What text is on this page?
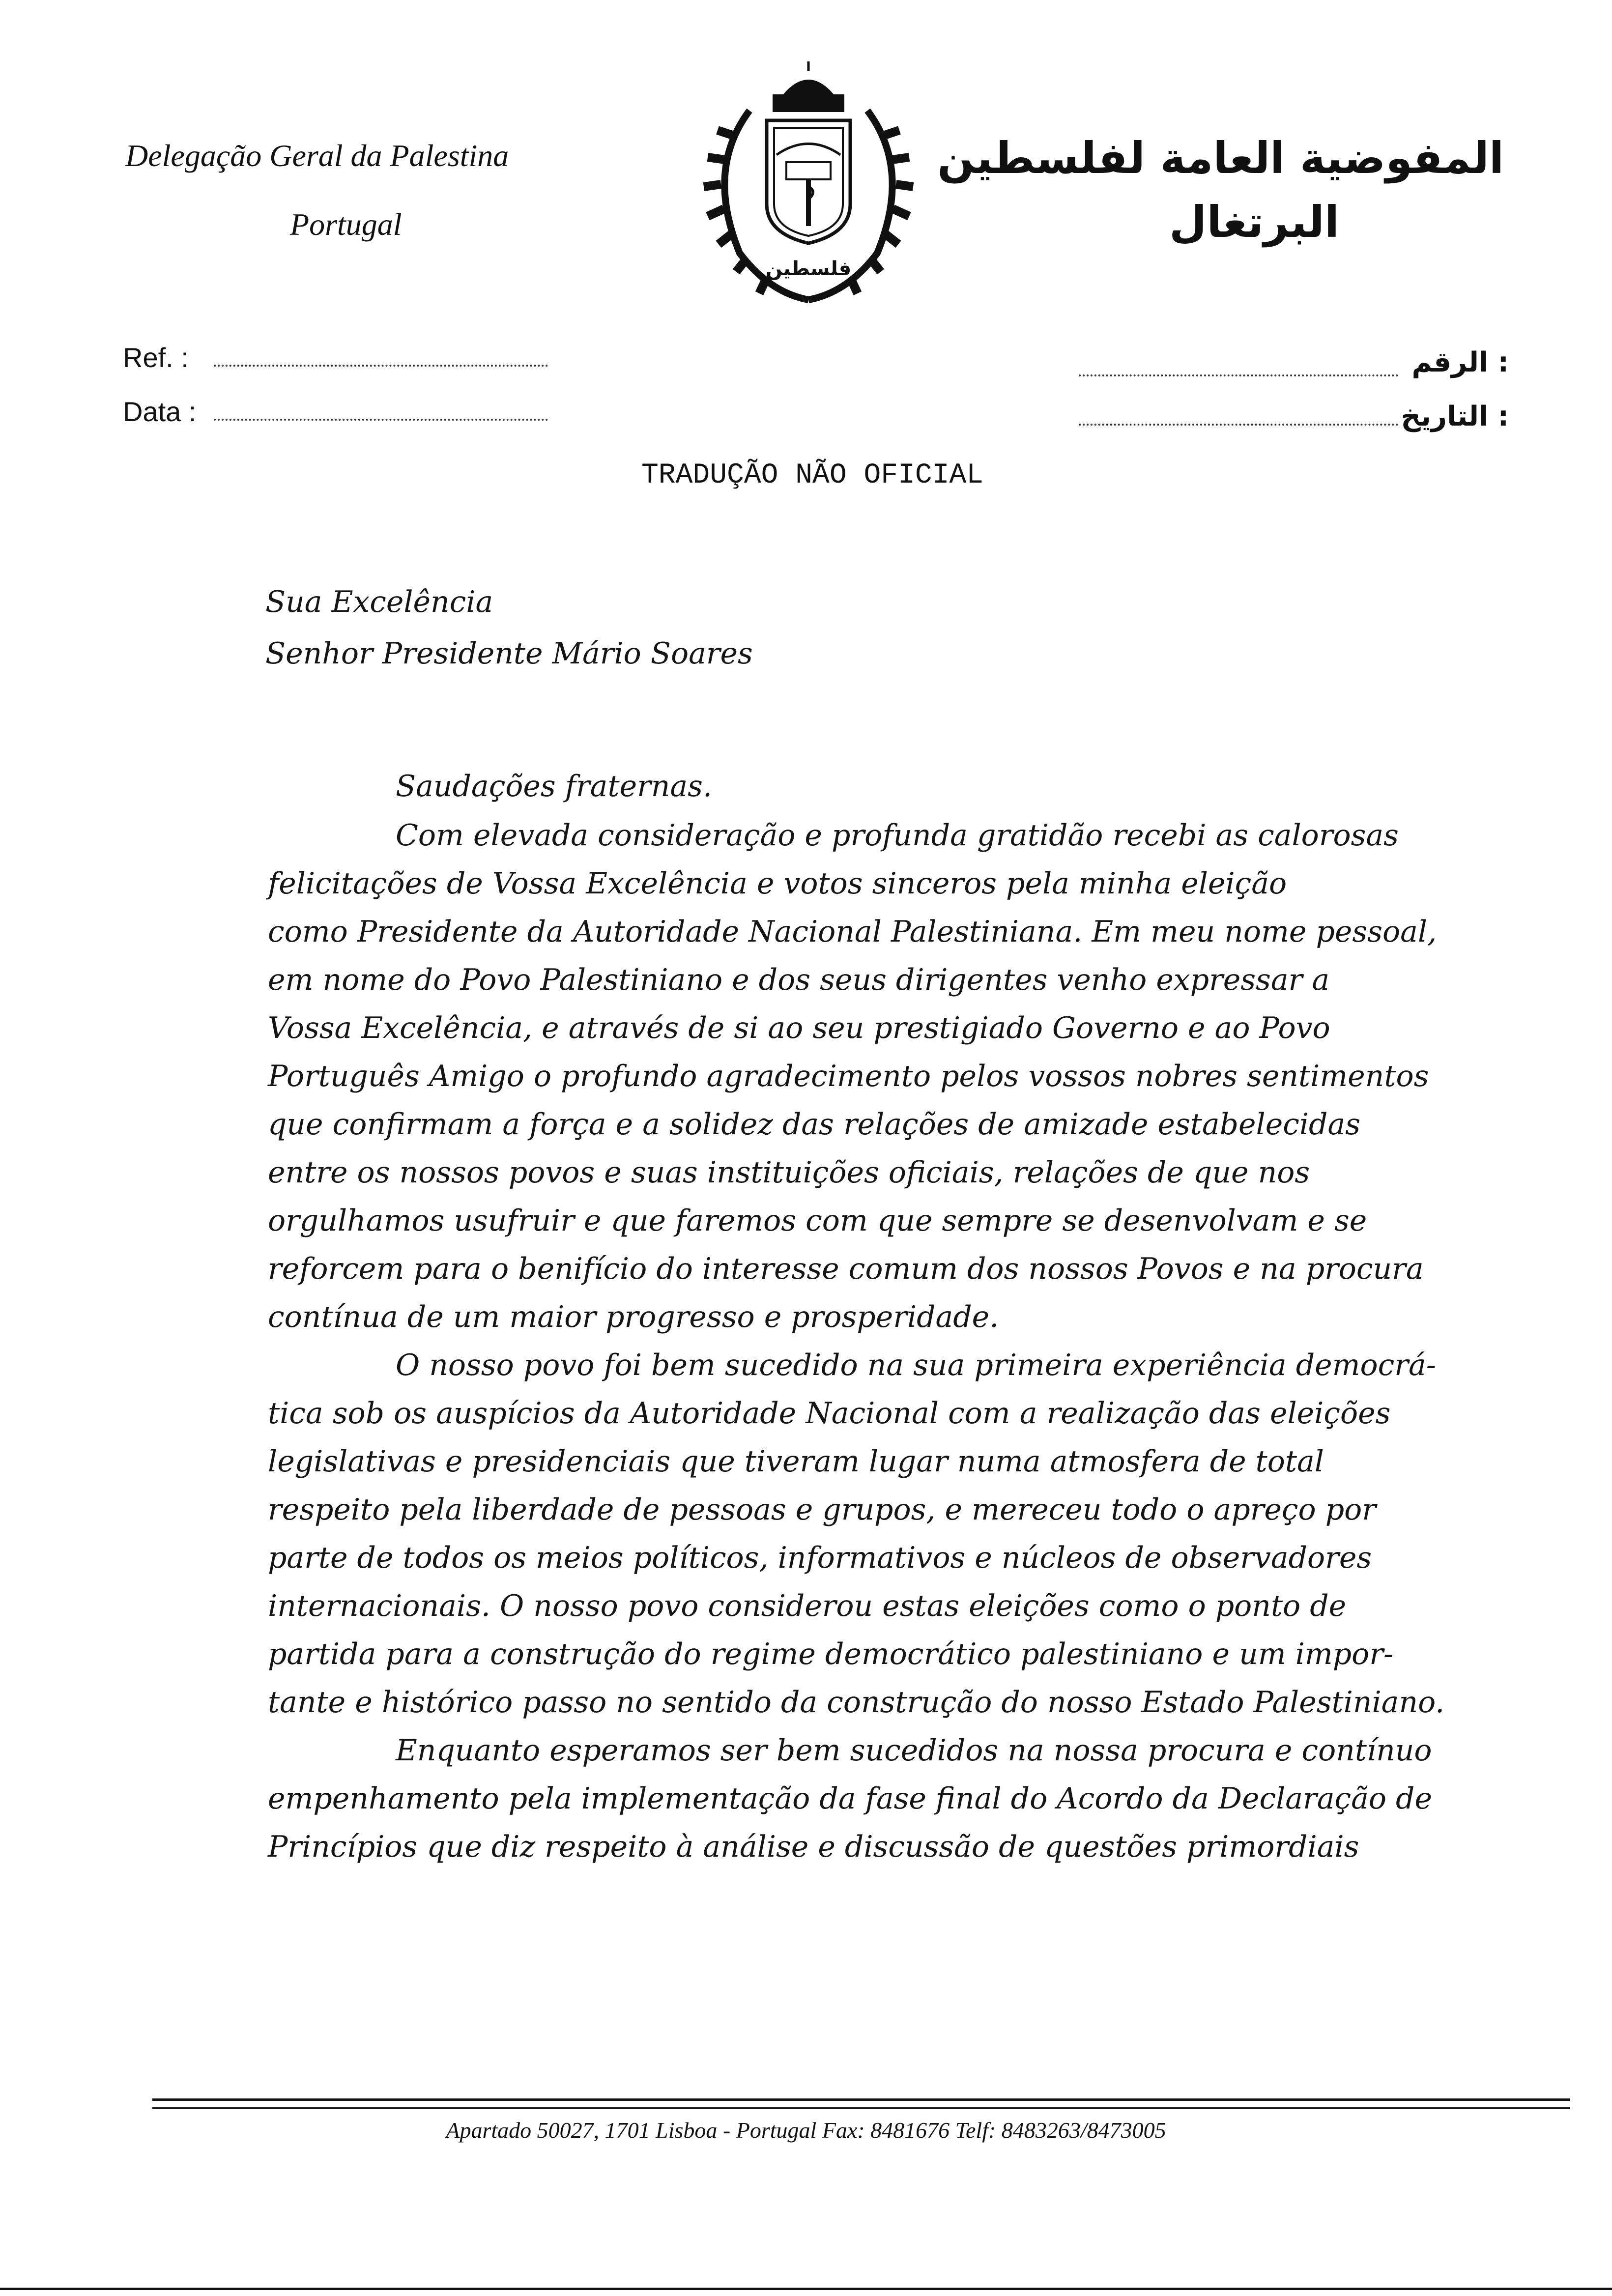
Delegação Geral da Palestina
Portugal
فلسطين
المفوضية العامة لفلسطين
البرتغال
Ref. :
Data :
: الرقم
: التاريخ
TRADUÇÃO NÃO OFICIAL
Sua Excelência
Senhor Presidente Mário Soares
Saudações fraternas.
Com elevada consideração e profunda gratidão recebi as calorosas
felicitações de Vossa Excelência e votos sinceros pela minha eleição
como Presidente da Autoridade Nacional Palestiniana. Em meu nome pessoal,
em nome do Povo Palestiniano e dos seus dirigentes venho expressar a
Vossa Excelência, e através de si ao seu prestigiado Governo e ao Povo
Português Amigo o profundo agradecimento pelos vossos nobres sentimentos
que confirmam a força e a solidez das relações de amizade estabelecidas
entre os nossos povos e suas instituições oficiais, relações de que nos
orgulhamos usufruir e que faremos com que sempre se desenvolvam e se
reforcem para o benifício do interesse comum dos nossos Povos e na procura
contínua de um maior progresso e prosperidade.
O nosso povo foi bem sucedido na sua primeira experiência democrá-
tica sob os auspícios da Autoridade Nacional com a realização das eleições
legislativas e presidenciais que tiveram lugar numa atmosfera de total
respeito pela liberdade de pessoas e grupos, e mereceu todo o apreço por
parte de todos os meios políticos, informativos e núcleos de observadores
internacionais. O nosso povo considerou estas eleições como o ponto de
partida para a construção do regime democrático palestiniano e um impor-
tante e histórico passo no sentido da construção do nosso Estado Palestiniano.
Enquanto esperamos ser bem sucedidos na nossa procura e contínuo
empenhamento pela implementação da fase final do Acordo da Declaração de
Princípios que diz respeito à análise e discussão de questões primordiais
Apartado 50027, 1701 Lisboa - Portugal Fax: 8481676 Telf: 8483263/8473005
